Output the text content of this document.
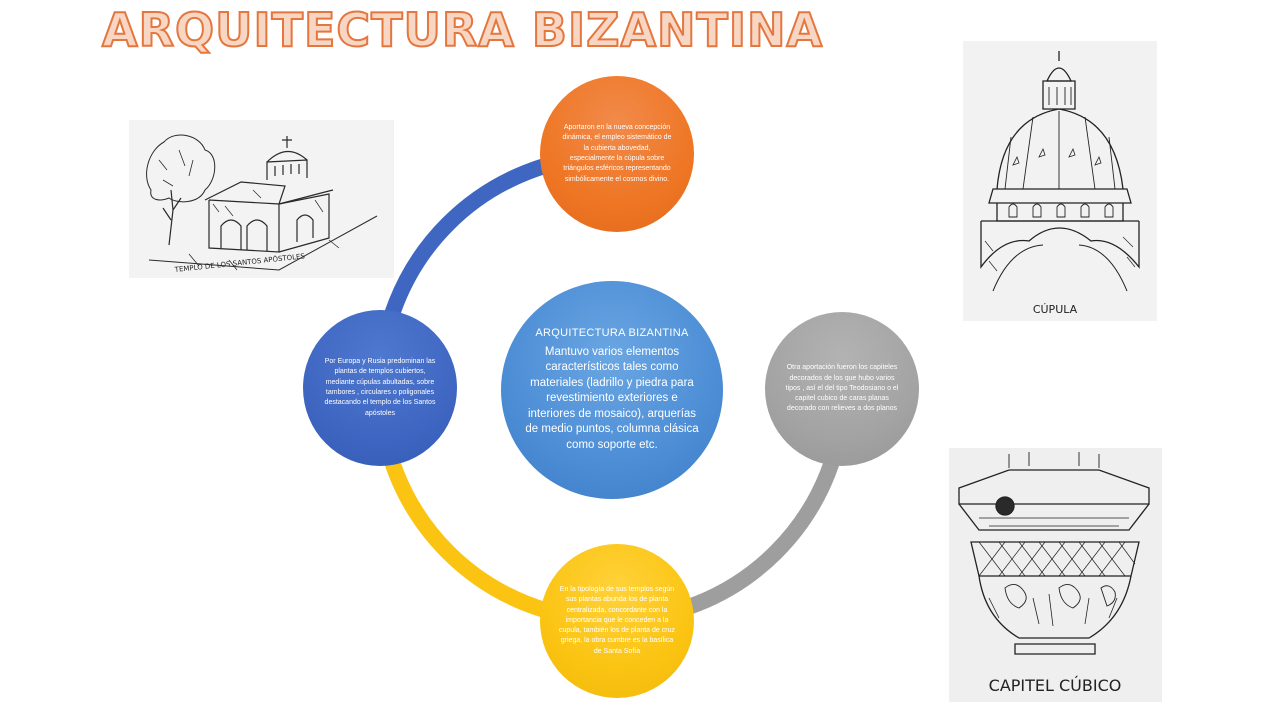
ARQUITECTURA BIZANTINA

ARQUITECTURA BIZANTINA

Mantuvo varios elementos característicos tales como materiales (ladrillo y piedra para revestimiento exteriores e interiores de mosaico), arquerías de medio puntos, columna clásica como soporte etc.

Aportaron en la nueva concepción dinámica, el empleo sistemático de la cubierta abovedad, especialmente la cúpula sobre triángulos esféricos representando simbólicamente el cosmos divino.

Otra aportación fueron los capiteles decorados de los que hubo varios tipos , así el del tipo Teodosiano o el capitel cubico de caras planas decorado con relieves a dos planos

En la tipología de sus templos según sus plantas abunda los de planta centralizada, concordante con la importancia que le conceden a la cupula, también los de planta de cruz griega, la obra cumbre es la basílica de Santa Sofía

Por Europa y Rusia predominan las plantas de templos cubiertos, mediante cúpulas abultadas, sobre tambores , circulares o poligonales destacando el templo de los Santos apóstoles

TEMPLO DE LOS SANTOS APÓSTOLES
CÚPULA
CAPITEL CÚBICO
